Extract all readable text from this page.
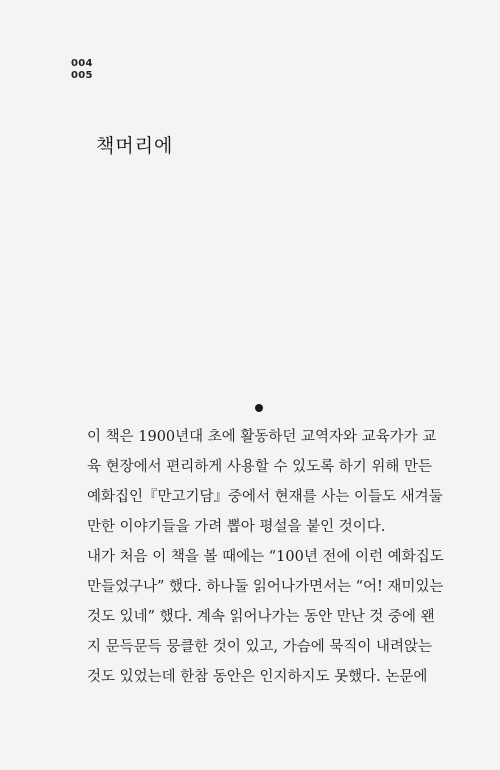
004
005
책머리에
이 책은 1900년대 초에 활동하던 교역자와 교육가가 교
육 현장에서 편리하게 사용할 수 있도록 하기 위해 만든
예화집인『만고기담』중에서 현재를 사는 이들도 새겨둘
만한 이야기들을 가려 뽑아 평설을 붙인 것이다.
내가 처음 이 책을 볼 때에는 “100년 전에 이런 예화집도
만들었구나” 했다. 하나둘 읽어나가면서는 “어! 재미있는
것도 있네” 했다. 계속 읽어나가는 동안 만난 것 중에 왠
지 문득문득 뭉클한 것이 있고, 가슴에 묵직이 내려앉는
것도 있었는데 한참 동안은 인지하지도 못했다. 논문에
